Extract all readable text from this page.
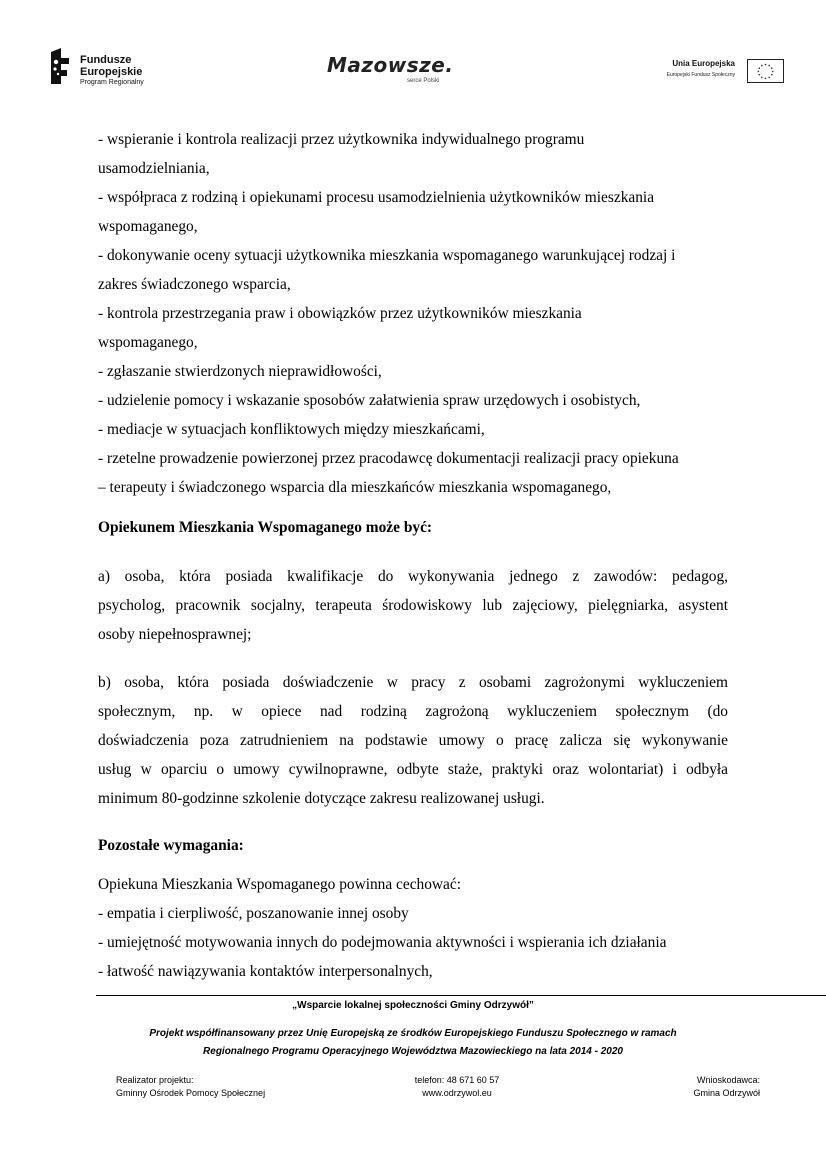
Fundusze
Europejskie
Program Regionalny
Mazowsze.
serce Polski
Unia Europejska
Europejski Fundusz Społeczny
- wspieranie i kontrola realizacji przez użytkownika indywidualnego programu
usamodzielniania,
- współpraca z rodziną i opiekunami procesu usamodzielnienia użytkowników mieszkania
wspomaganego,
- dokonywanie oceny sytuacji użytkownika mieszkania wspomaganego warunkującej rodzaj i
zakres świadczonego wsparcia,
- kontrola przestrzegania praw i obowiązków przez użytkowników mieszkania
wspomaganego,
- zgłaszanie stwierdzonych nieprawidłowości,
- udzielenie pomocy i wskazanie sposobów załatwienia spraw urzędowych i osobistych,
- mediacje w sytuacjach konfliktowych między mieszkańcami,
- rzetelne prowadzenie powierzonej przez pracodawcę dokumentacji realizacji pracy opiekuna
– terapeuty i świadczonego wsparcia dla mieszkańców mieszkania wspomaganego,
Opiekunem Mieszkania Wspomaganego może być:
a) osoba, która posiada kwalifikacje do wykonywania jednego z zawodów: pedagog,
psycholog, pracownik socjalny, terapeuta środowiskowy lub zajęciowy, pielęgniarka, asystent
osoby niepełnosprawnej;
b) osoba, która posiada doświadczenie w pracy z osobami zagrożonymi wykluczeniem
społecznym, np. w opiece nad rodziną zagrożoną wykluczeniem społecznym (do
doświadczenia poza zatrudnieniem na podstawie umowy o pracę zalicza się wykonywanie
usług w oparciu o umowy cywilnoprawne, odbyte staże, praktyki oraz wolontariat) i odbyła
minimum 80-godzinne szkolenie dotyczące zakresu realizowanej usługi.
Pozostałe wymagania:
Opiekuna Mieszkania Wspomaganego powinna cechować:
- empatia i cierpliwość, poszanowanie innej osoby
- umiejętność motywowania innych do podejmowania aktywności i wspierania ich działania
- łatwość nawiązywania kontaktów interpersonalnych,
„Wsparcie lokalnej społeczności Gminy Odrzywół”
Projekt współfinansowany przez Unię Europejską ze środków Europejskiego Funduszu Społecznego w ramach
Regionalnego Programu Operacyjnego Województwa Mazowieckiego na lata 2014 - 2020
Realizator projektu:
Gminny Ośrodek Pomocy Społecznej
telefon: 48 671 60 57
www.odrzywol.eu
Wnioskodawca:
Gmina Odrzywół
